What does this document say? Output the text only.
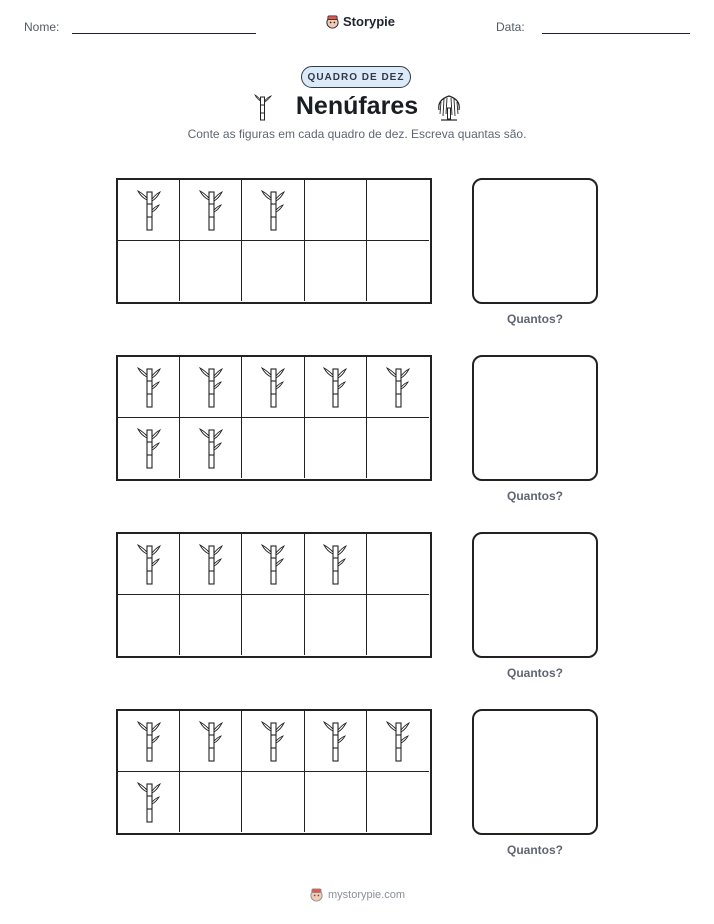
Nome:	Storypie	Data:
QUADRO DE DEZ
Nenúfares
Conte as figuras em cada quadro de dez. Escreva quantas são.
Quantos?
Quantos?
Quantos?
Quantos?
mystorypie.com
